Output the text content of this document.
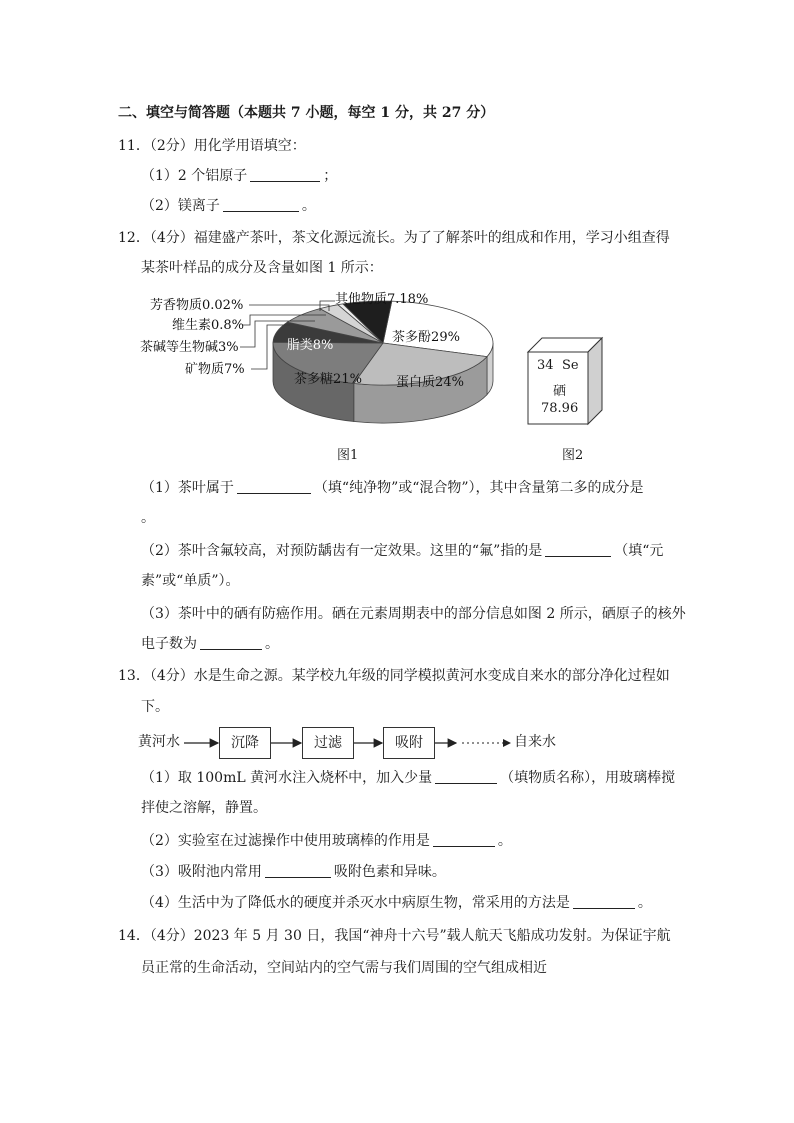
二、填空与简答题（本题共 7 小题，每空 1 分，共 27 分）
11．（2分）用化学用语填空：
（1）2 个铝原子	；
（2）镁离子	。
12．（4分）福建盛产茶叶，茶文化源远流长。为了了解茶叶的组成和作用，学习小组查得
某茶叶样品的成分及含量如图 1 所示：
茶多酚29%
蛋白质24%
茶多糖21%
脂类8%
矿物质7%
茶碱等生物碱3%
维生素0.8%
芳香物质0.02%	其他物质7.18%
图1
34 Se
硒
78.96
图2
（1）茶叶属于	（填“纯净物”或“混合物”），其中含量第二多的成分是
。
（2）茶叶含氟较高，对预防龋齿有一定效果。这里的“氟”指的是	（填“元
素”或“单质”）。
（3）茶叶中的硒有防癌作用。硒在元素周期表中的部分信息如图 2 所示，硒原子的核外
电子数为	。
13．（4分）水是生命之源。某学校九年级的同学模拟黄河水变成自来水的部分净化过程如
下。
黄河水	沉降	过滤	吸附	自来水
（1）取 100mL 黄河水注入烧杯中，加入少量	（填物质名称），用玻璃棒搅
拌使之溶解，静置。
（2）实验室在过滤操作中使用玻璃棒的作用是	。
（3）吸附池内常用	吸附色素和异味。
（4）生活中为了降低水的硬度并杀灭水中病原生物，常采用的方法是	。
14．（4分）2023 年 5 月 30 日，我国“神舟十六号”载人航天飞船成功发射。为保证宇航
员正常的生命活动，空间站内的空气需与我们周围的空气组成相近
